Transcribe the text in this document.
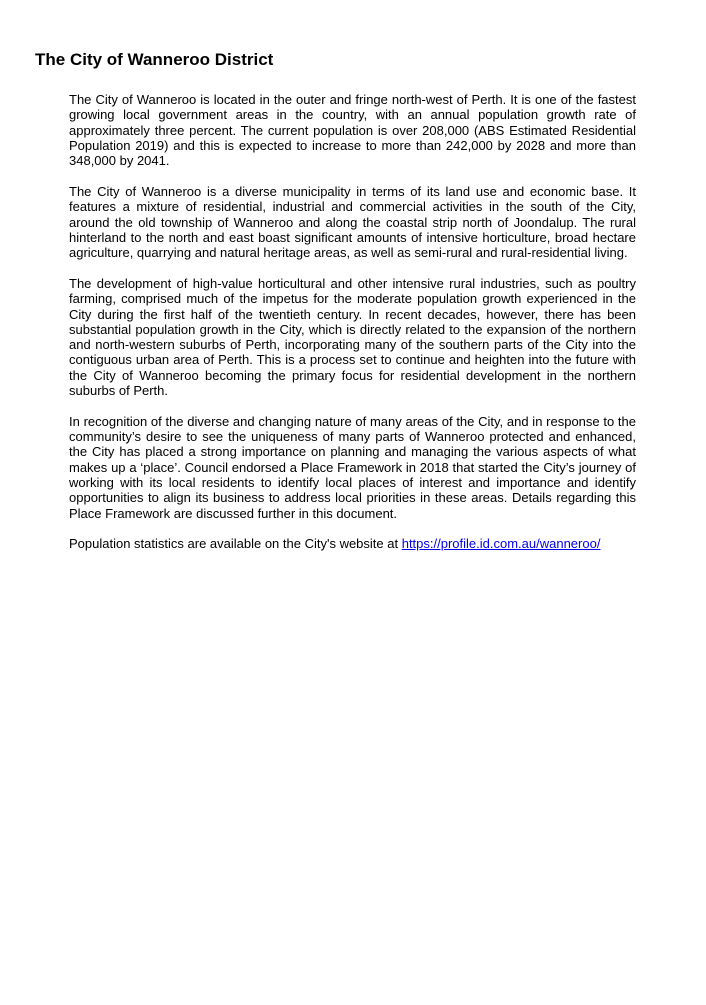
The City of Wanneroo District

The City of Wanneroo is located in the outer and fringe north-west of Perth. It is one of the fastest growing local government areas in the country, with an annual population growth rate of approximately three percent. The current population is over 208,000 (ABS Estimated Residential Population 2019) and this is expected to increase to more than 242,000 by 2028 and more than 348,000 by 2041.

The City of Wanneroo is a diverse municipality in terms of its land use and economic base. It features a mixture of residential, industrial and commercial activities in the south of the City, around the old township of Wanneroo and along the coastal strip north of Joondalup. The rural hinterland to the north and east boast significant amounts of intensive horticulture, broad hectare agriculture, quarrying and natural heritage areas, as well as semi-rural and rural-residential living.

The development of high-value horticultural and other intensive rural industries, such as poultry farming, comprised much of the impetus for the moderate population growth experienced in the City during the first half of the twentieth century. In recent decades, however, there has been substantial population growth in the City, which is directly related to the expansion of the northern and north-western suburbs of Perth, incorporating many of the southern parts of the City into the contiguous urban area of Perth. This is a process set to continue and heighten into the future with the City of Wanneroo becoming the primary focus for residential development in the northern suburbs of Perth.

In recognition of the diverse and changing nature of many areas of the City, and in response to the community’s desire to see the uniqueness of many parts of Wanneroo protected and enhanced, the City has placed a strong importance on planning and managing the various aspects of what makes up a ‘place’. Council endorsed a Place Framework in 2018 that started the City’s journey of working with its local residents to identify local places of interest and importance and identify opportunities to align its business to address local priorities in these areas. Details regarding this Place Framework are discussed further in this document.

Population statistics are available on the City's website at https://profile.id.com.au/wanneroo/
